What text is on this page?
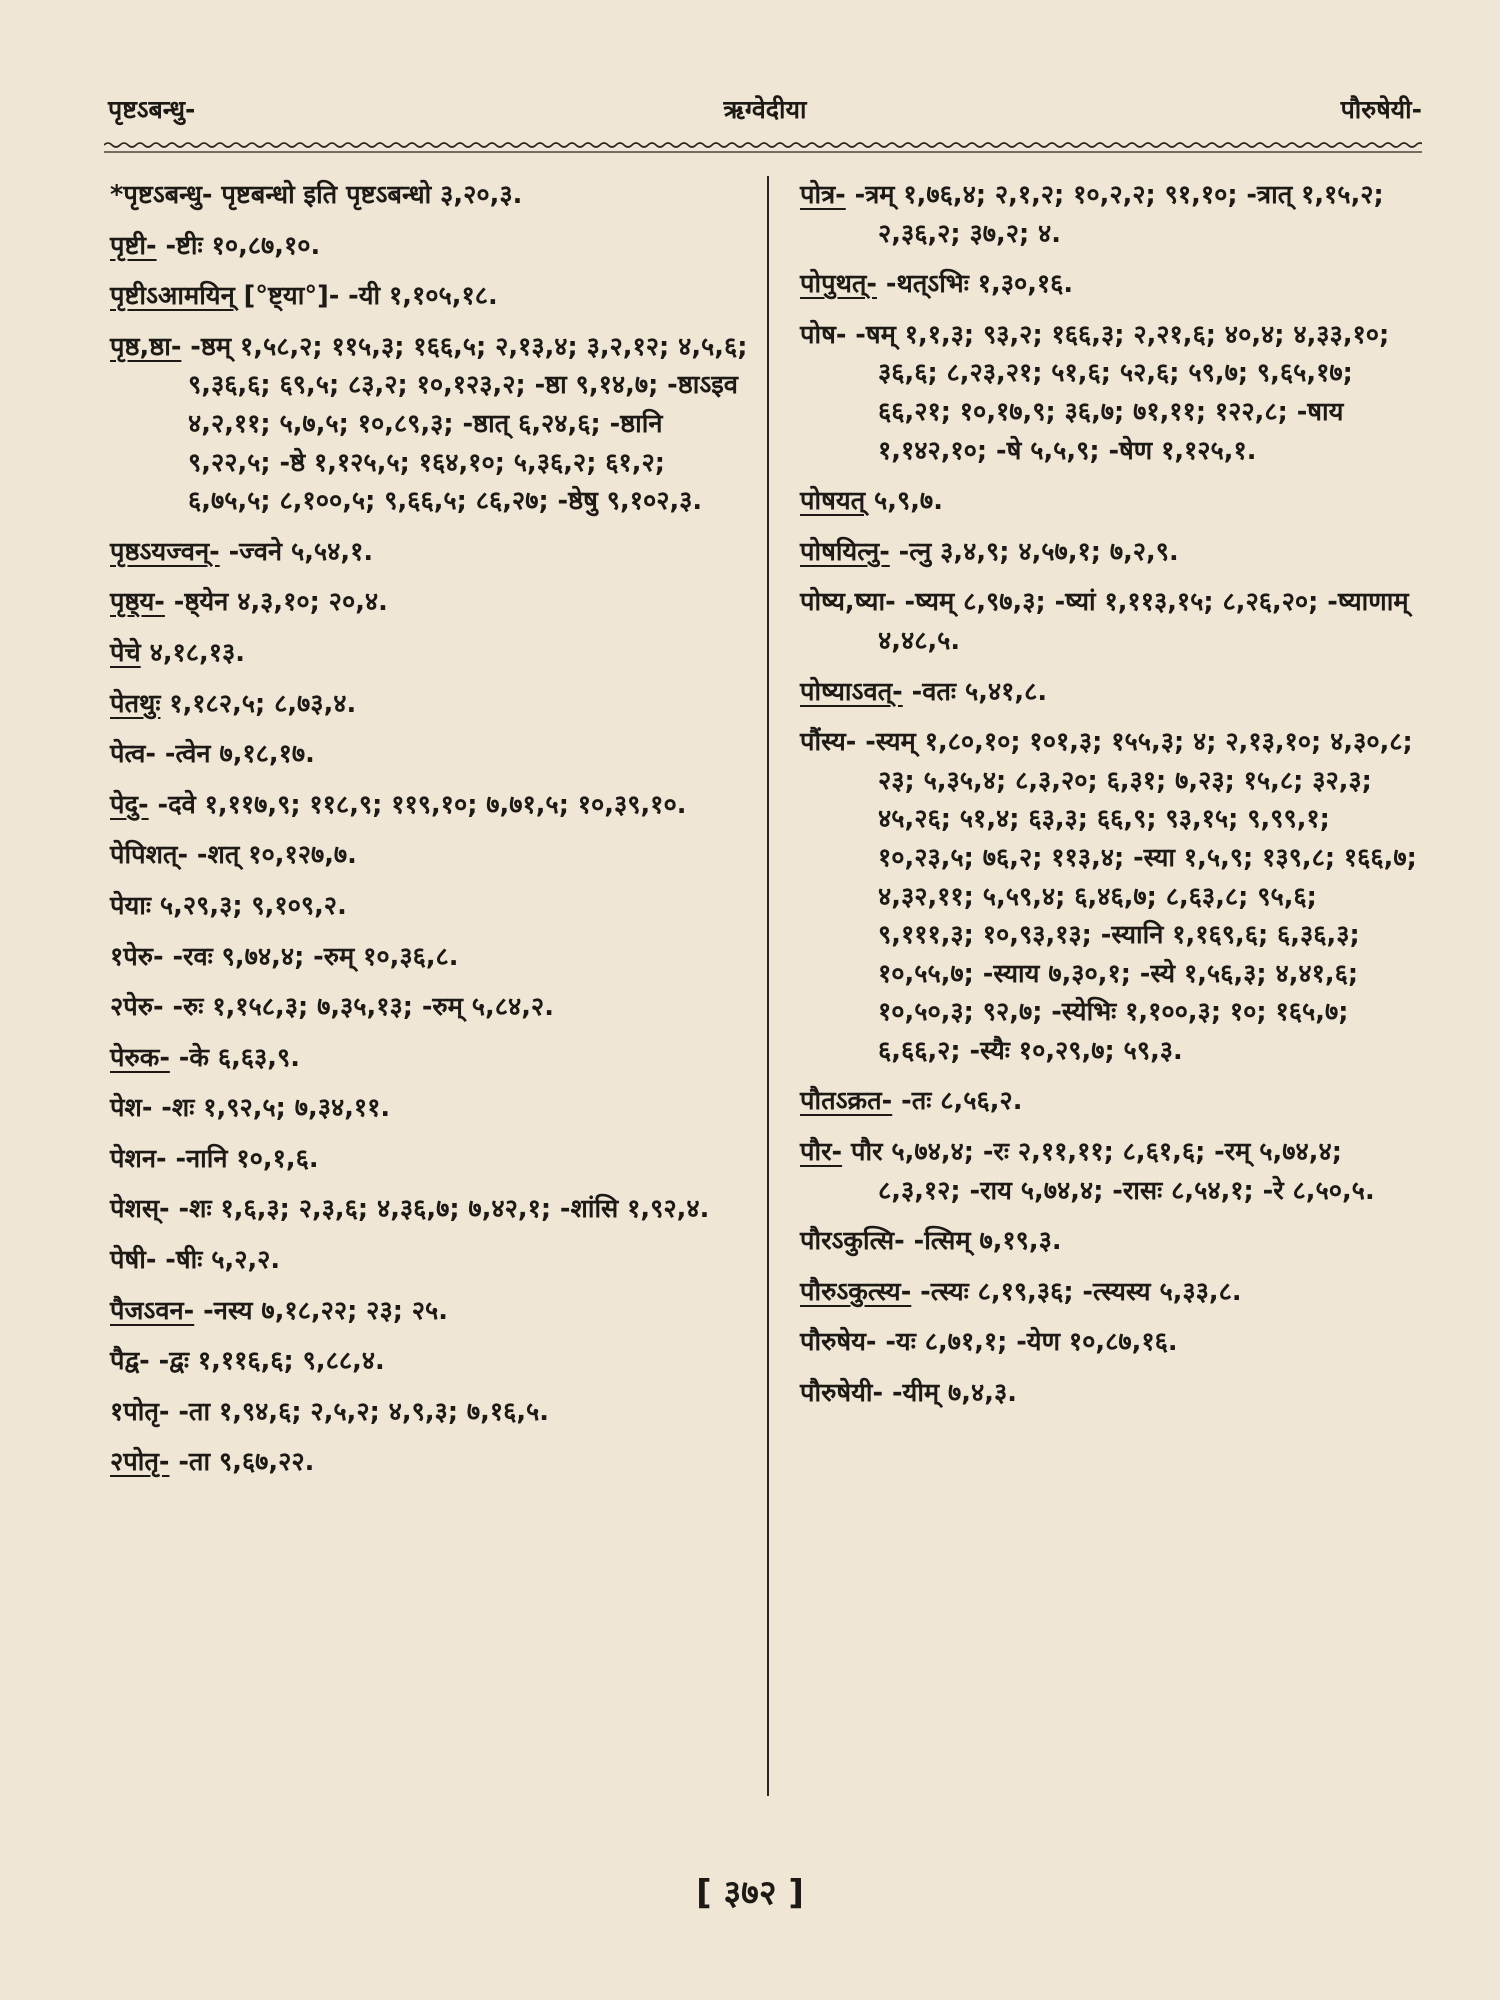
पृष्टऽबन्धु-	ऋग्वेदीया	पौरुषेयी-

*पृष्टऽबन्धु- पृष्टबन्धो इति पृष्टऽबन्धो ३,२०,३.

पृष्टी- -ष्टीः १०,८७,१०.

पृष्टीऽआमयिन् [°ष्ट्या°]- -यी १,१०५,१८.

पृष्ठ,ष्ठा- -ष्ठम् १,५८,२; ११५,३; १६६,५; २,१३,४; ३,२,१२; ४,५,६; ९,३६,६; ६९,५; ८३,२; १०,१२३,२; -ष्ठा ९,१४,७; -ष्ठाऽइव ४,२,११; ५,७,५; १०,८९,३; -ष्ठात् ६,२४,६; -ष्ठानि ९,२२,५; -ष्ठे १,१२५,५; १६४,१०; ५,३६,२; ६१,२; ६,७५,५; ८,१००,५; ९,६६,५; ८६,२७; -ष्ठेषु ९,१०२,३.

पृष्ठऽयज्वन्- -ज्वने ५,५४,१.

पृष्ठ्य- -ष्ठ्येन ४,३,१०; २०,४.

पेचे ४,१८,१३.

पेतथुः १,१८२,५; ८,७३,४.

पेत्व- -त्वेन ७,१८,१७.

पेदु- -दवे १,११७,९; ११८,९; ११९,१०; ७,७१,५; १०,३९,१०.

पेपिशत्- -शत् १०,१२७,७.

पेयाः ५,२९,३; ९,१०९,२.

१पेरु- -रवः ९,७४,४; -रुम् १०,३६,८.

२पेरु- -रुः १,१५८,३; ७,३५,१३; -रुम् ५,८४,२.

पेरुक- -के ६,६३,९.

पेश- -शः १,९२,५; ७,३४,११.

पेशन- -नानि १०,१,६.

पेशस्- -शः १,६,३; २,३,६; ४,३६,७; ७,४२,१; -शांसि १,९२,४.

पेषी- -षीः ५,२,२.

पैजऽवन- -नस्य ७,१८,२२; २३; २५.

पैद्व- -द्वः १,११६,६; ९,८८,४.

१पोतृ- -ता १,९४,६; २,५,२; ४,९,३; ७,१६,५.

२पोतृ- -ता ९,६७,२२.

पोत्र- -त्रम् १,७६,४; २,१,२; १०,२,२; ९१,१०; -त्रात् १,१५,२; २,३६,२; ३७,२; ४.

पोपुथत्- -थत्ऽभिः १,३०,१६.

पोष- -षम् १,१,३; ९३,२; १६६,३; २,२१,६; ४०,४; ४,३३,१०; ३६,६; ८,२३,२१; ५१,६; ५२,६; ५९,७; ९,६५,१७; ६६,२१; १०,१७,९; ३६,७; ७१,११; १२२,८; -षाय १,१४२,१०; -षे ५,५,९; -षेण १,१२५,१.

पोषयत् ५,९,७.

पोषयित्नु- -त्नु ३,४,९; ४,५७,१; ७,२,९.

पोष्य,ष्या- -ष्यम् ८,९७,३; -ष्यां १,११३,१५; ८,२६,२०; -ष्याणाम् ४,४८,५.

पोष्याऽवत्- -वतः ५,४१,८.

पौंस्य- -स्यम् १,८०,१०; १०१,३; १५५,३; ४; २,१३,१०; ४,३०,८; २३; ५,३५,४; ८,३,२०; ६,३१; ७,२३; १५,८; ३२,३; ४५,२६; ५१,४; ६३,३; ६६,९; ९३,१५; ९,९९,१; १०,२३,५; ७६,२; ११३,४; -स्या १,५,९; १३९,८; १६६,७; ४,३२,११; ५,५९,४; ६,४६,७; ८,६३,८; ९५,६; ९,१११,३; १०,९३,१३; -स्यानि १,१६९,६; ६,३६,३; १०,५५,७; -स्याय ७,३०,१; -स्ये १,५६,३; ४,४१,६; १०,५०,३; ९२,७; -स्येभिः १,१००,३; १०; १६५,७; ६,६६,२; -स्यैः १०,२९,७; ५९,३.

पौतऽक्रत- -तः ८,५६,२.

पौर- पौर ५,७४,४; -रः २,११,११; ८,६१,६; -रम् ५,७४,४; ८,३,१२; -राय ५,७४,४; -रासः ८,५४,१; -रे ८,५०,५.

पौरऽकुत्सि- -त्सिम् ७,१९,३.

पौरुऽकुत्स्य- -त्स्यः ८,१९,३६; -त्स्यस्य ५,३३,८.

पौरुषेय- -यः ८,७१,१; -येण १०,८७,१६.

पौरुषेयी- -यीम् ७,४,३.

[ ३७२ ]
